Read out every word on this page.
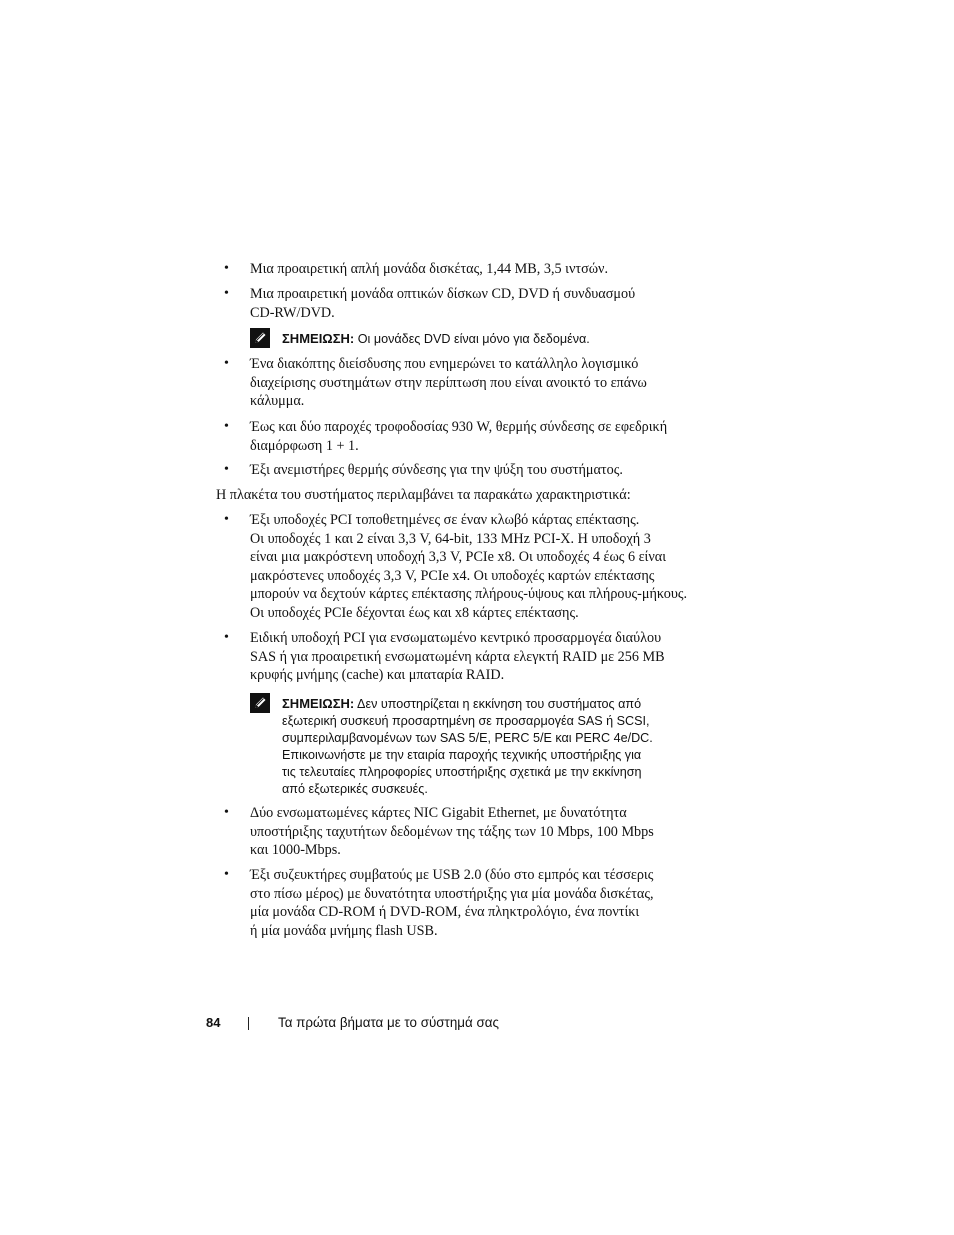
• Μια προαιρετική απλή μονάδα δισκέτας, 1,44 MB, 3,5 ιντσών.
• Μια προαιρετική μονάδα οπτικών δίσκων CD, DVD ή συνδυασμού
CD-RW/DVD.
ΣΗΜΕΙΩΣΗ: Οι μονάδες DVD είναι μόνο για δεδομένα.
• Ένα διακόπτης διείσδυσης που ενημερώνει το κατάλληλο λογισμικό
διαχείρισης συστημάτων στην περίπτωση που είναι ανοικτό το επάνω
κάλυμμα.
• Έως και δύο παροχές τροφοδοσίας 930 W, θερμής σύνδεσης σε εφεδρική
διαμόρφωση 1 + 1.
• Έξι ανεμιστήρες θερμής σύνδεσης για την ψύξη του συστήματος.
Η πλακέτα του συστήματος περιλαμβάνει τα παρακάτω χαρακτηριστικά:
• Έξι υποδοχές PCI τοποθετημένες σε έναν κλωβό κάρτας επέκτασης.
Οι υποδοχές 1 και 2 είναι 3,3 V, 64-bit, 133 MHz PCI-X. Η υποδοχή 3
είναι μια μακρόστενη υποδοχή 3,3 V, PCIe x8. Οι υποδοχές 4 έως 6 είναι
μακρόστενες υποδοχές 3,3 V, PCIe x4. Οι υποδοχές καρτών επέκτασης
μπορούν να δεχτούν κάρτες επέκτασης πλήρους-ύψους και πλήρους-μήκους.
Οι υποδοχές PCIe δέχονται έως και x8 κάρτες επέκτασης.
• Ειδική υποδοχή PCI για ενσωματωμένο κεντρικό προσαρμογέα διαύλου
SAS ή για προαιρετική ενσωματωμένη κάρτα ελεγκτή RAID με 256 MB
κρυφής μνήμης (cache) και μπαταρία RAID.
ΣΗΜΕΙΩΣΗ: Δεν υποστηρίζεται η εκκίνηση του συστήματος από
εξωτερική συσκευή προσαρτημένη σε προσαρμογέα SAS ή SCSI,
συμπεριλαμβανομένων των SAS 5/E, PERC 5/E και PERC 4e/DC.
Επικοινωνήστε με την εταιρία παροχής τεχνικής υποστήριξης για
τις τελευταίες πληροφορίες υποστήριξης σχετικά με την εκκίνηση
από εξωτερικές συσκευές.
• Δύο ενσωματωμένες κάρτες NIC Gigabit Ethernet, με δυνατότητα
υποστήριξης ταχυτήτων δεδομένων της τάξης των 10 Mbps, 100 Mbps
και 1000-Mbps.
• Έξι συζευκτήρες συμβατούς με USB 2.0 (δύο στο εμπρός και τέσσερις
στο πίσω μέρος) με δυνατότητα υποστήριξης για μία μονάδα δισκέτας,
μία μονάδα CD-ROM ή DVD-ROM, ένα πληκτρολόγιο, ένα ποντίκι
ή μία μονάδα μνήμης flash USB.
84	Τα πρώτα βήματα με το σύστημά σας
